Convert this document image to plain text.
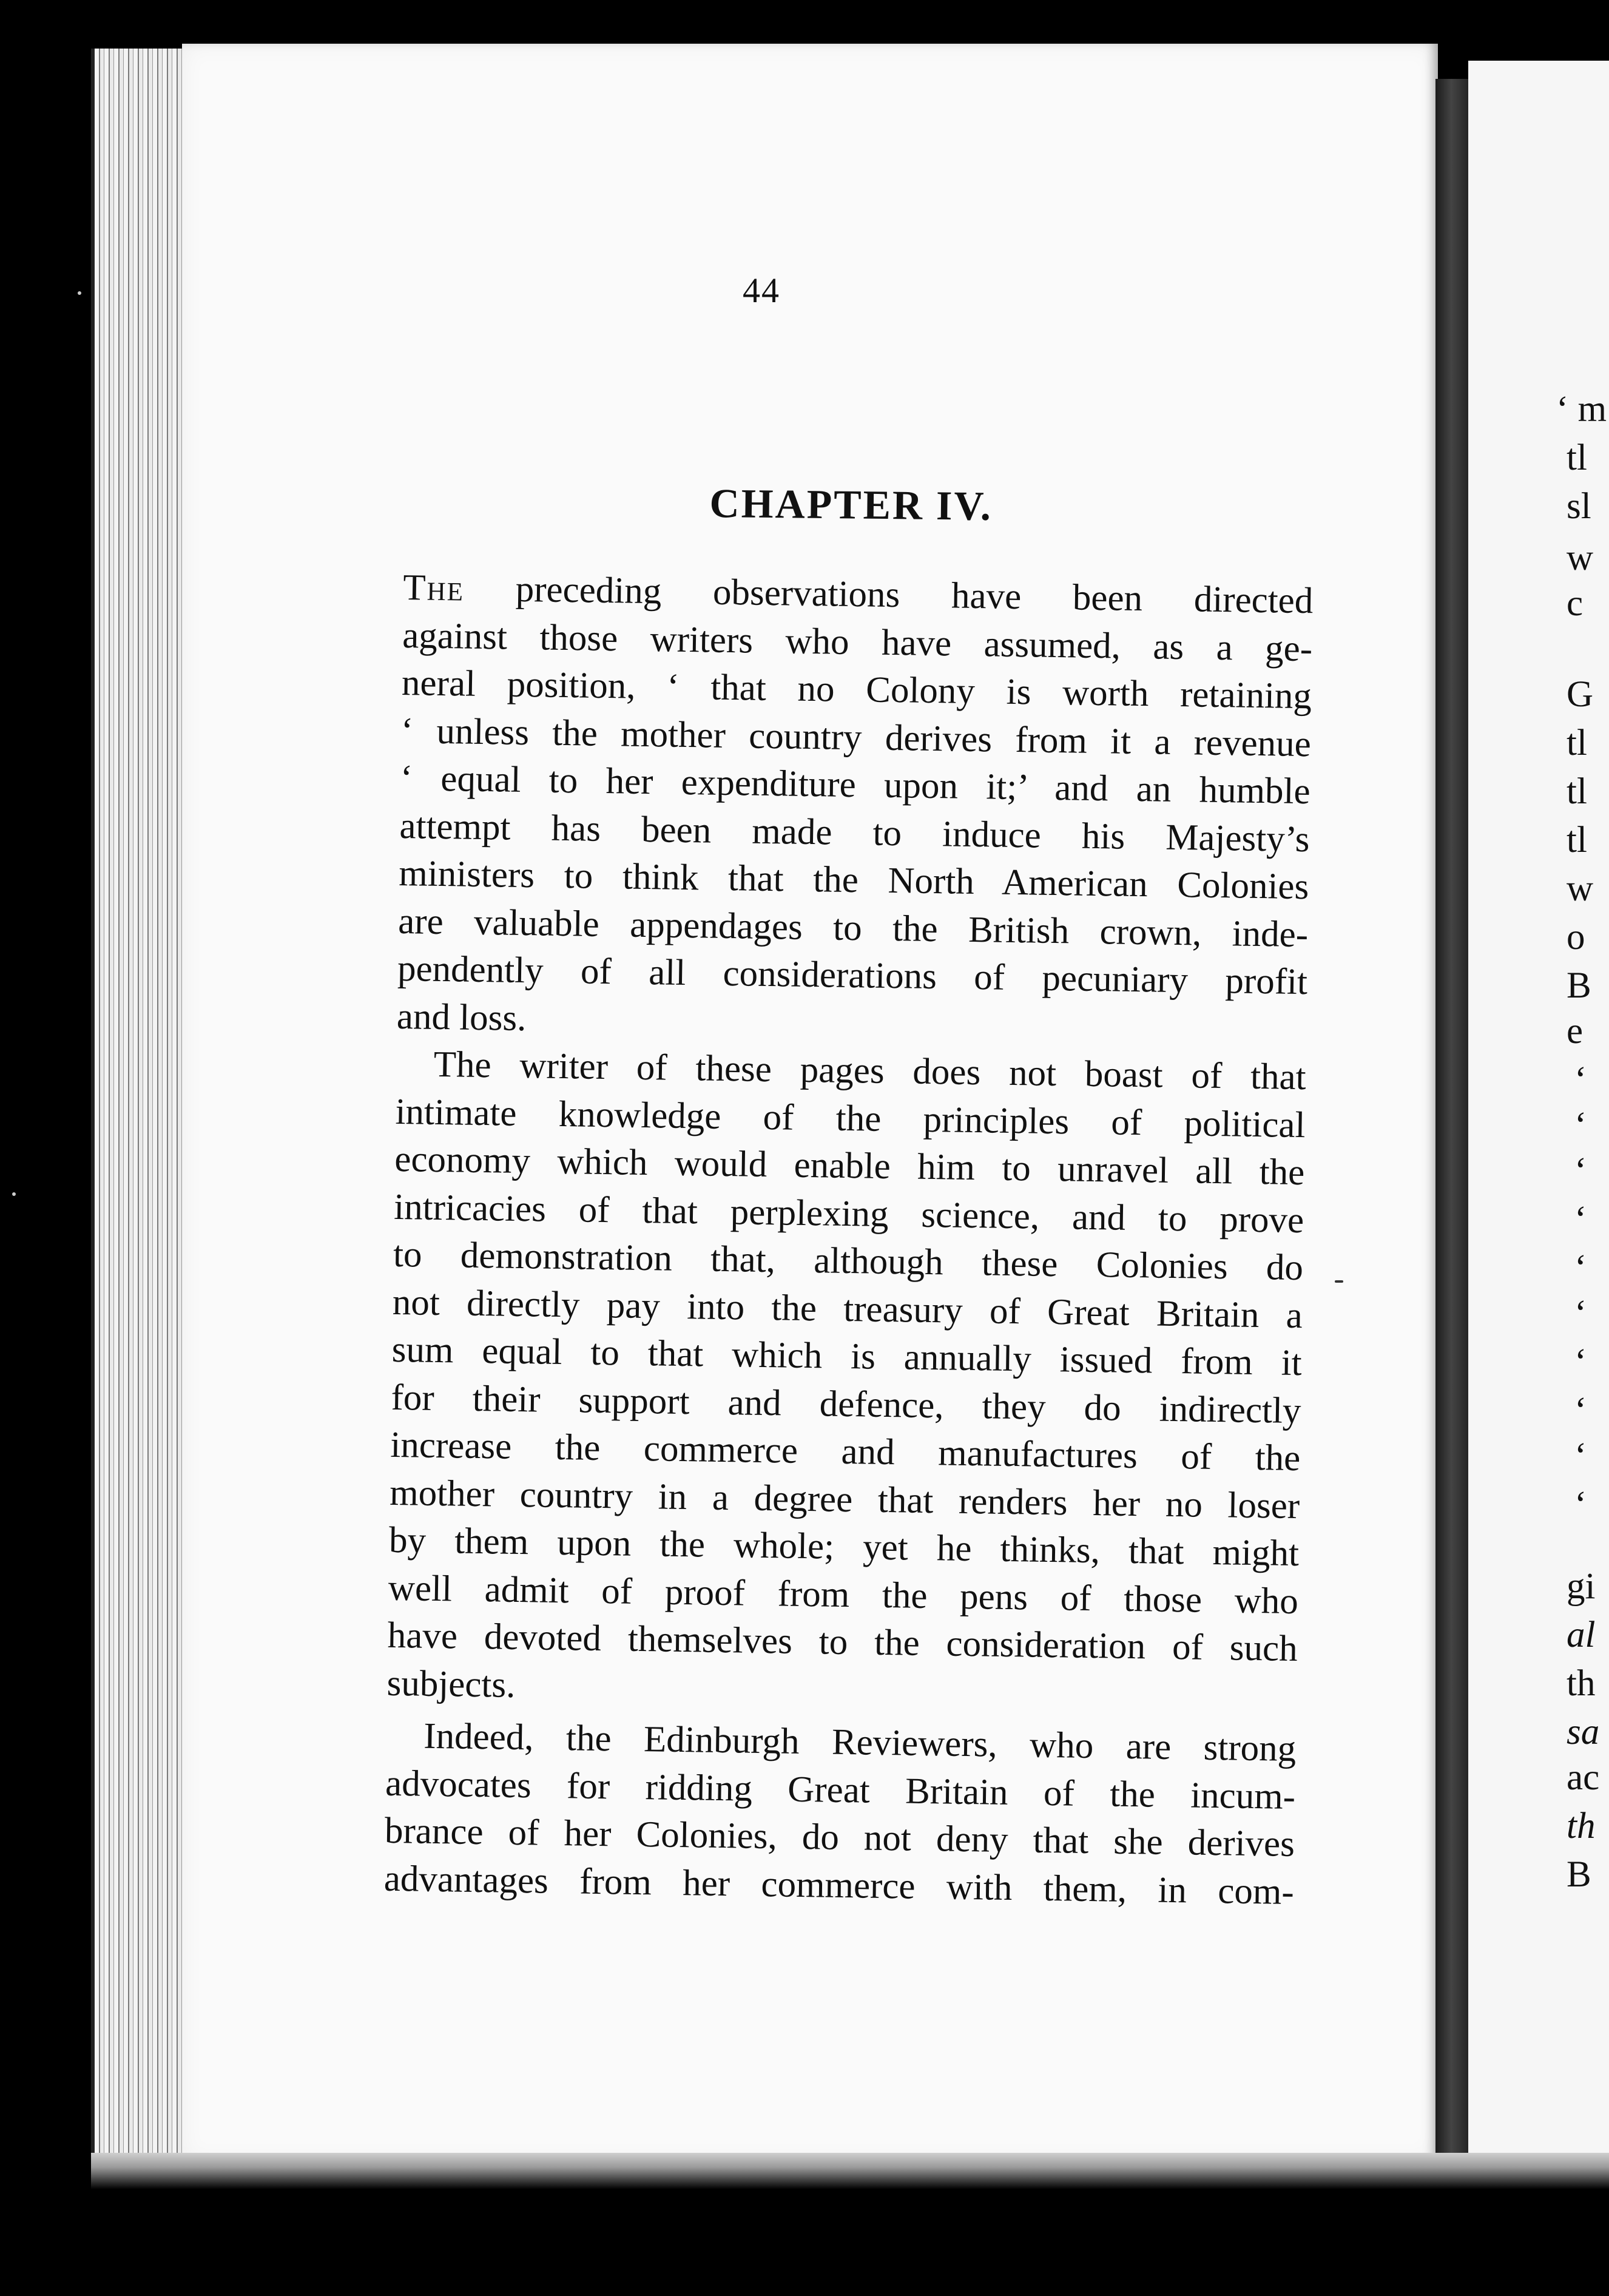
44
CHAPTER IV.
The preceding observations have been directed
against those writers who have assumed, as a ge-
neral position, ‘ that no Colony is worth retaining
‘ unless the mother country derives from it a revenue
‘ equal to her expenditure upon it;’ and an humble
attempt has been made to induce his Majesty’s
ministers to think that the North American Colonies
are valuable appendages to the British crown, inde-
pendently of all considerations of pecuniary profit
and loss.
The writer of these pages does not boast of that
intimate knowledge of the principles of political
economy which would enable him to unravel all the
intricacies of that perplexing science, and to prove
to demonstration that, although these Colonies do
not directly pay into the treasury of Great Britain a
sum equal to that which is annually issued from it
for their support and defence, they do indirectly
increase the commerce and manufactures of the
mother country in a degree that renders her no loser
by them upon the whole; yet he thinks, that might
well admit of proof from the pens of those who
have devoted themselves to the consideration of such
subjects.
Indeed, the Edinburgh Reviewers, who are strong
advocates for ridding Great Britain of the incum-
brance of her Colonies, do not deny that she derives
advantages from her commerce with them, in com-
‘ m
tl
sl
w
c
G
tl
tl
tl
w
o
B
e
‘
‘
‘
‘
‘
‘
‘
‘
‘
‘
gi
al
th
sa
ac
th
B
